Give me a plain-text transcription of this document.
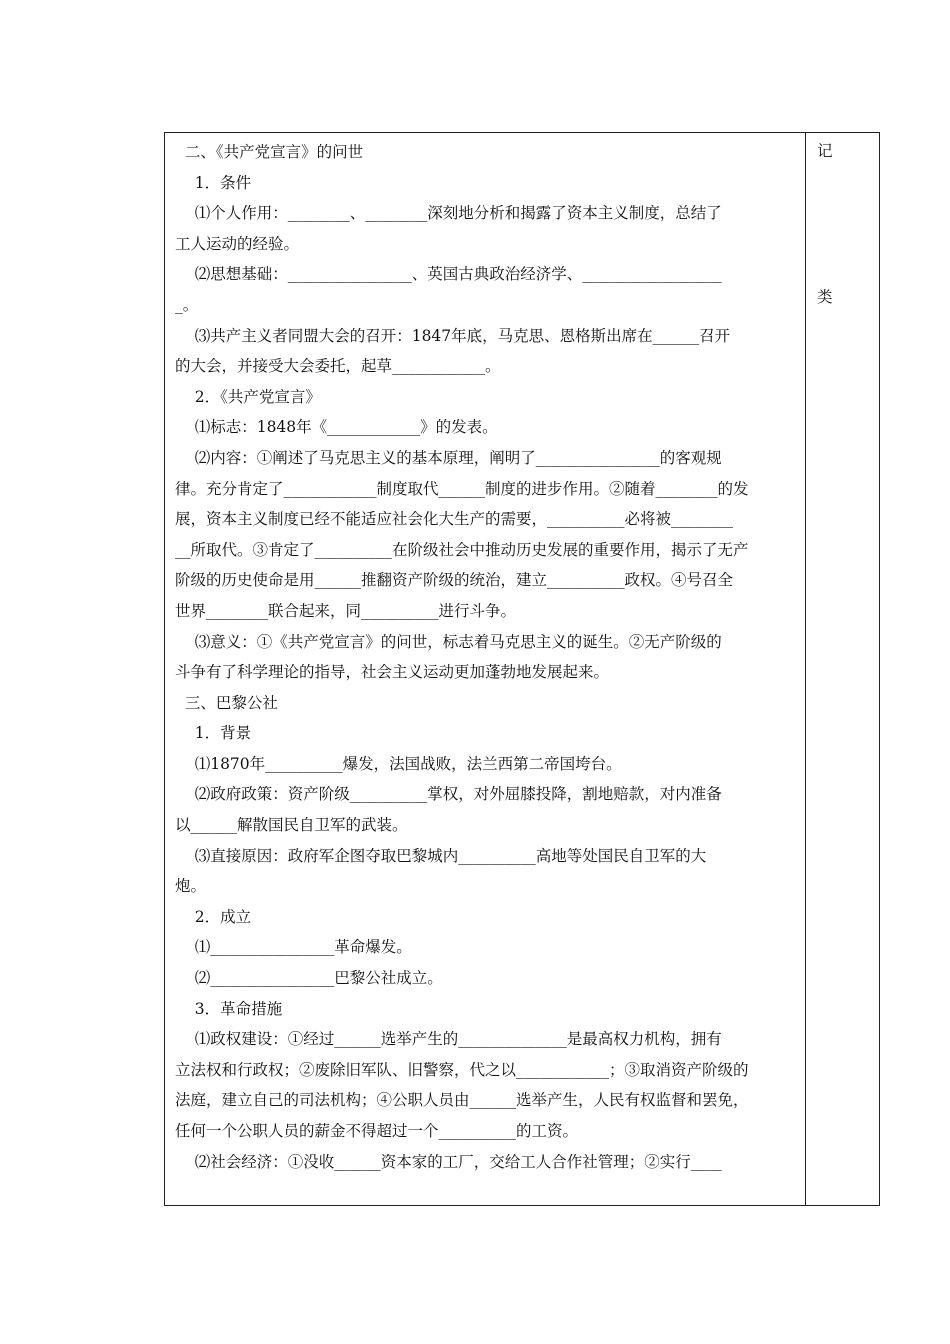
二、《共产党宣言》的问世
1．条件
⑴个人作用：________、________深刻地分析和揭露了资本主义制度，总结了
工人运动的经验。
⑵思想基础：________________、英国古典政治经济学、__________________
_。
⑶共产主义者同盟大会的召开：1847年底，马克思、恩格斯出席在______召开
的大会，并接受大会委托，起草____________。
2．《共产党宣言》
⑴标志：1848年《____________》的发表。
⑵内容：①阐述了马克思主义的基本原理，阐明了________________的客观规
律。充分肯定了____________制度取代______制度的进步作用。②随着________的发
展，资本主义制度已经不能适应社会化大生产的需要，__________必将被________
__所取代。③肯定了__________在阶级社会中推动历史发展的重要作用，揭示了无产
阶级的历史使命是用______推翻资产阶级的统治，建立__________政权。④号召全
世界________联合起来，同__________进行斗争。
⑶意义：①《共产党宣言》的问世，标志着马克思主义的诞生。②无产阶级的
斗争有了科学理论的指导，社会主义运动更加蓬勃地发展起来。
三、巴黎公社
1．背景
⑴1870年__________爆发，法国战败，法兰西第二帝国垮台。
⑵政府政策：资产阶级__________掌权，对外屈膝投降，割地赔款，对内准备
以______解散国民自卫军的武装。
⑶直接原因：政府军企图夺取巴黎城内__________高地等处国民自卫军的大
炮。
2．成立
⑴________________革命爆发。
⑵________________巴黎公社成立。
3．革命措施
⑴政权建设：①经过______选举产生的______________是最高权力机构，拥有
立法权和行政权；②废除旧军队、旧警察，代之以____________；③取消资产阶级的
法庭，建立自己的司法机构；④公职人员由______选举产生，人民有权监督和罢免，
任何一个公职人员的薪金不得超过一个__________的工资。
⑵社会经济：①没收______资本家的工厂，交给工人合作社管理；②实行____
记
类
